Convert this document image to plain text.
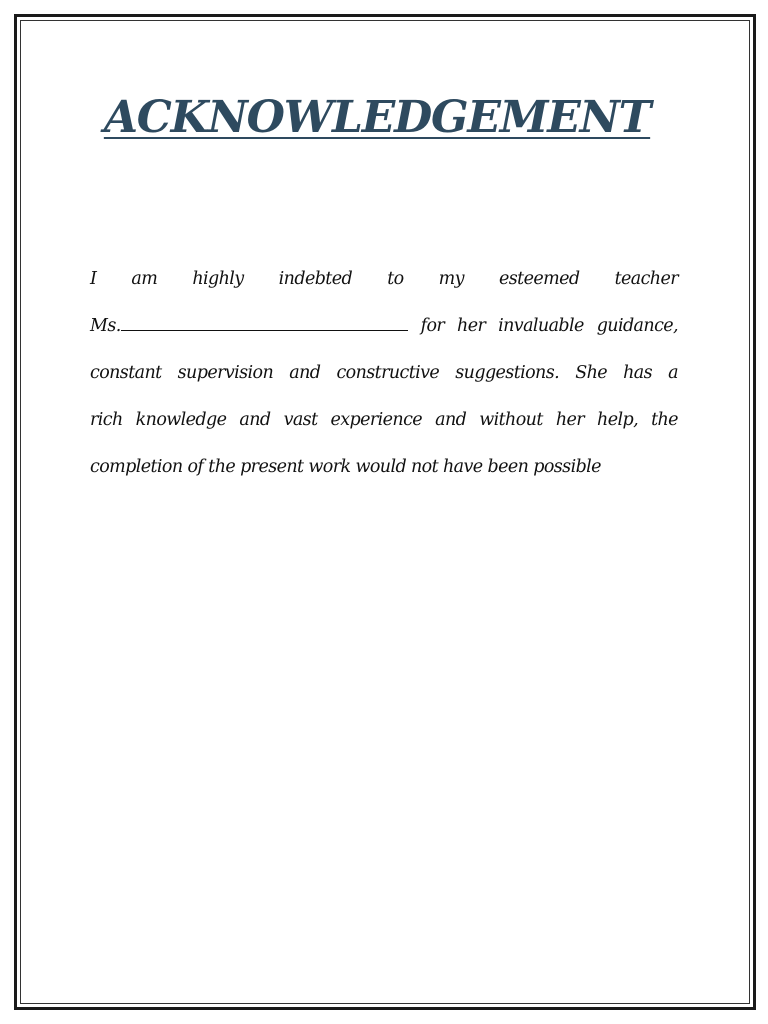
ACKNOWLEDGEMENT
I am highly indebted to my esteemed teacher
Ms.	for her invaluable guidance,
constant supervision and constructive suggestions. She has a
rich knowledge and vast experience and without her help, the
completion of the present work would not have been possible
